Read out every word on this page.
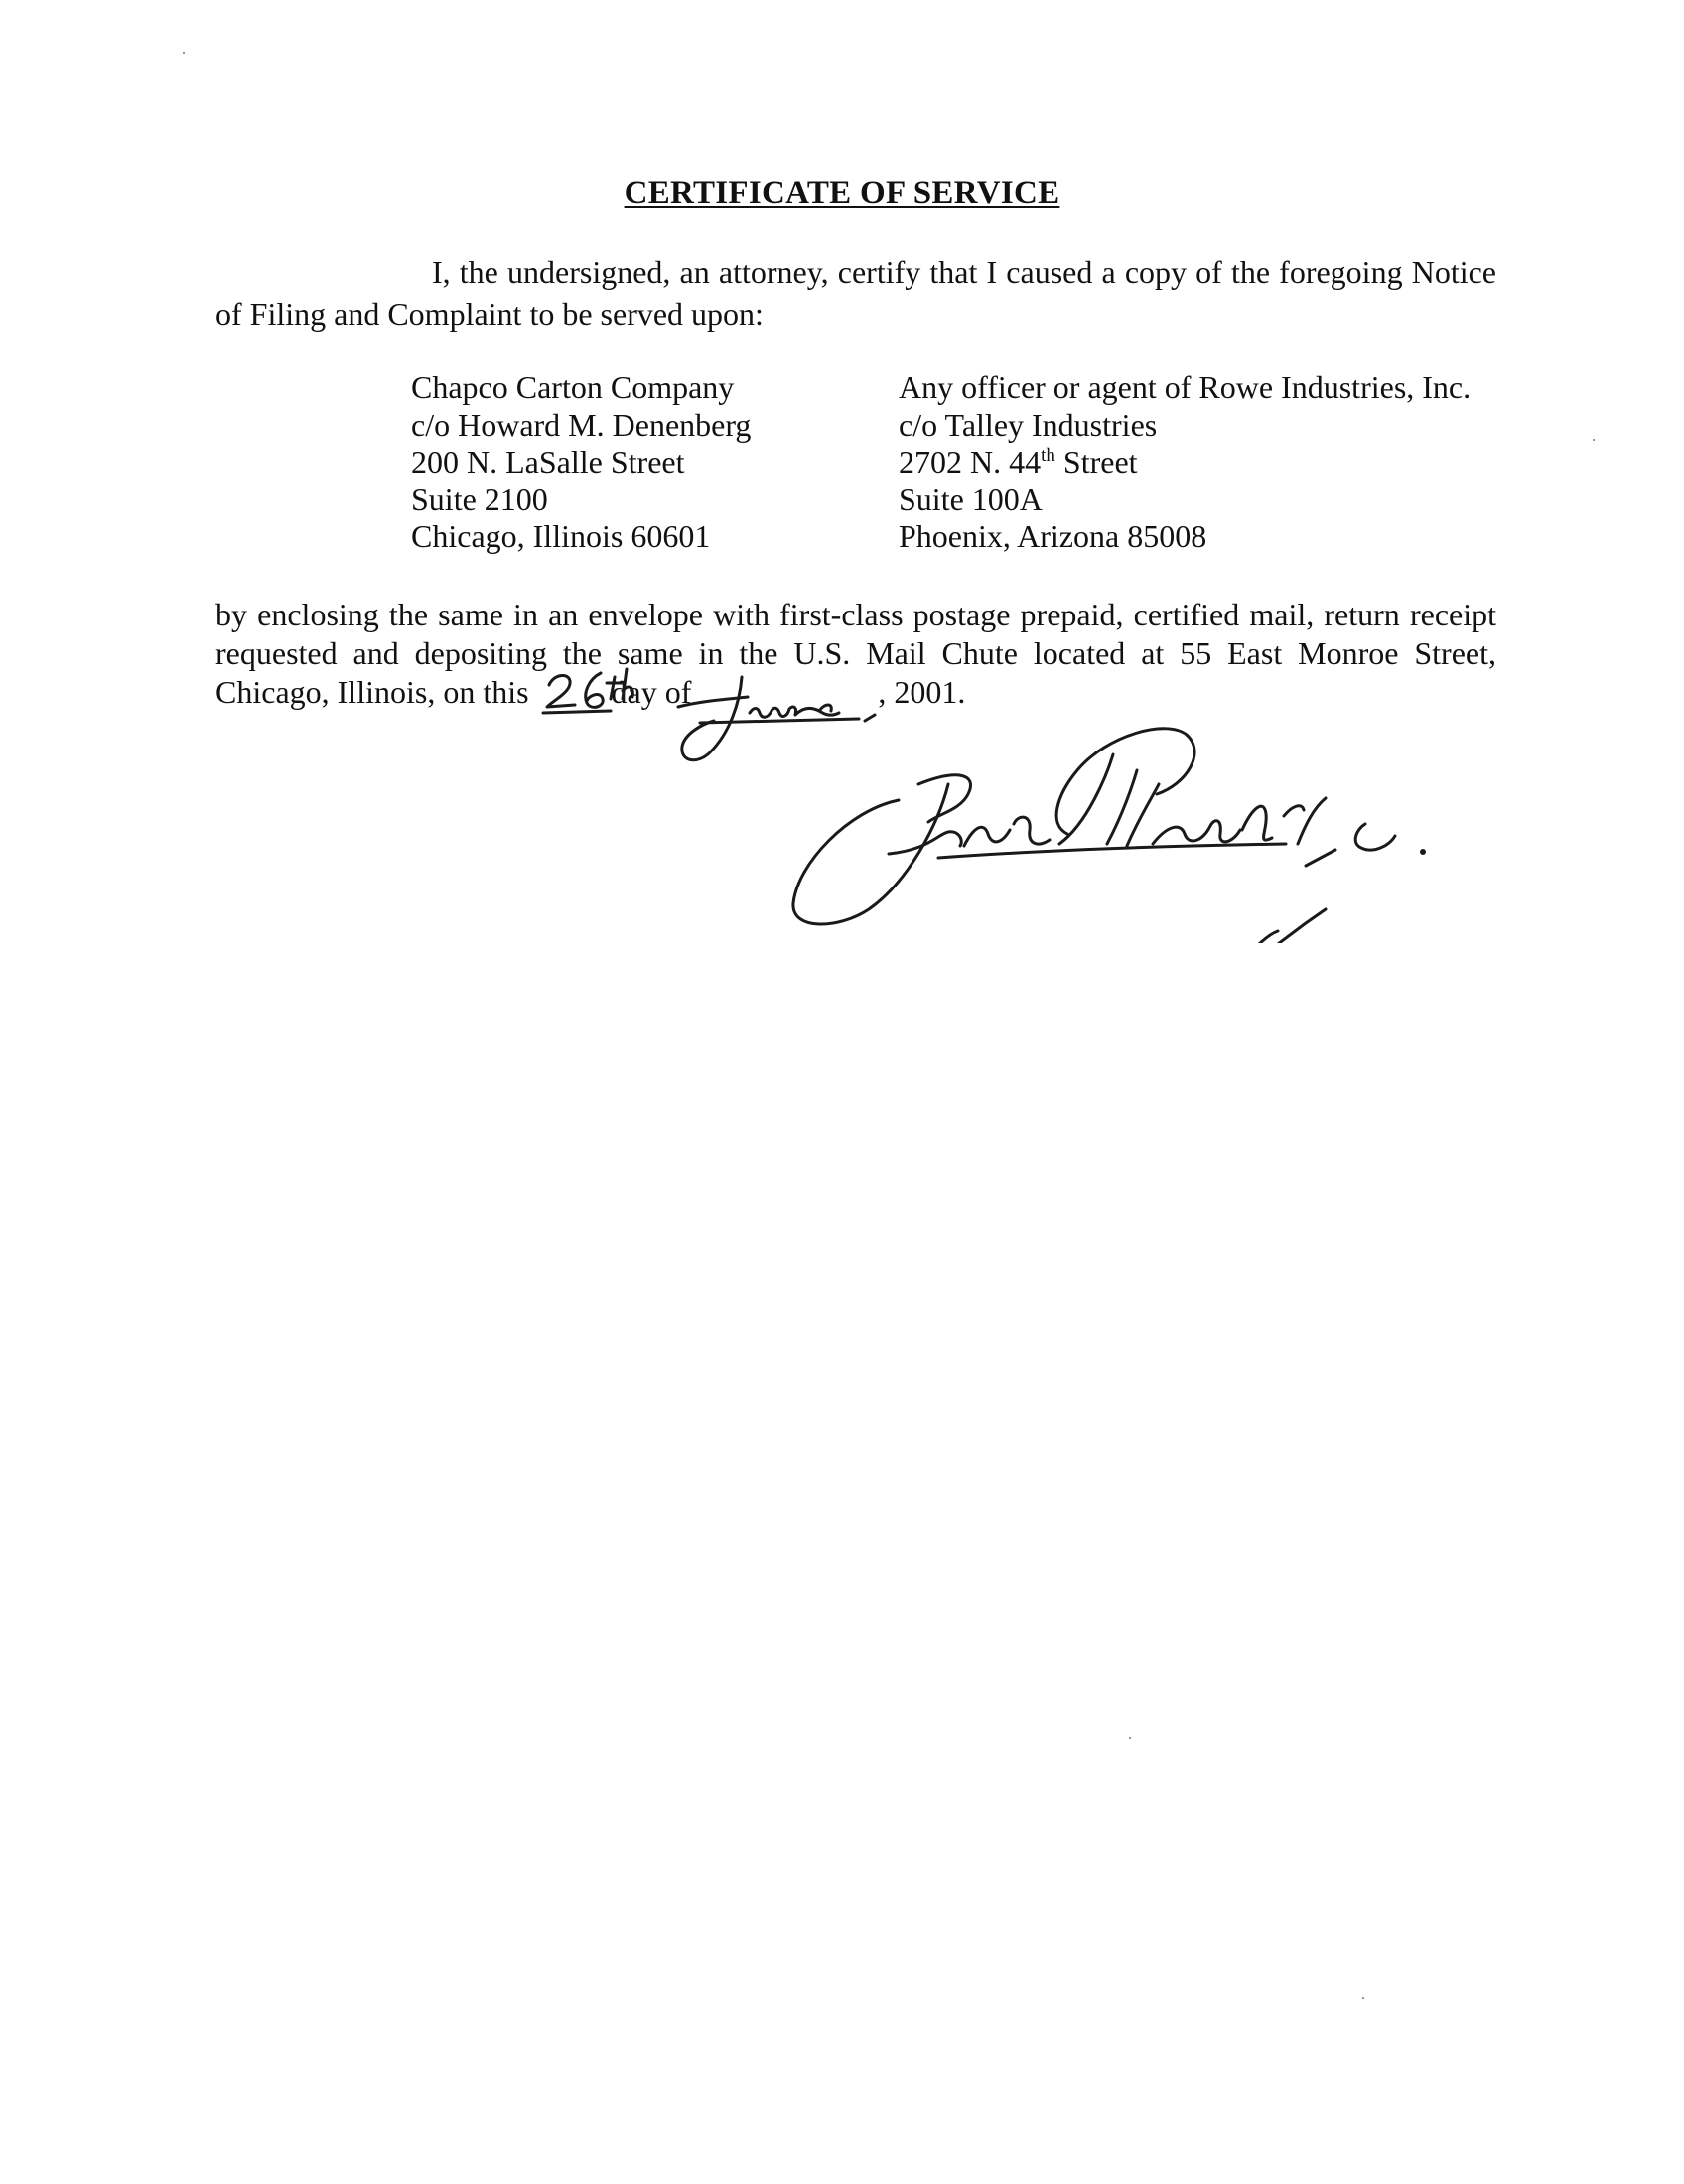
CERTIFICATE OF SERVICE
I, the undersigned, an attorney, certify that I caused a copy of the foregoing Notice of Filing and Complaint to be served upon:
Chapco Carton Company
c/o Howard M. Denenberg
200 N. LaSalle Street
Suite 2100
Chicago, Illinois 60601
Any officer or agent of Rowe Industries, Inc.
c/o Talley Industries
2702 N. 44th Street
Suite 100A
Phoenix, Arizona 85008
by enclosing the same in an envelope with first-class postage prepaid, certified mail, return receipt
requested and depositing the same in the U.S. Mail Chute located at 55 East Monroe Street,
Chicago, Illinois, on this	day of	, 2001.
